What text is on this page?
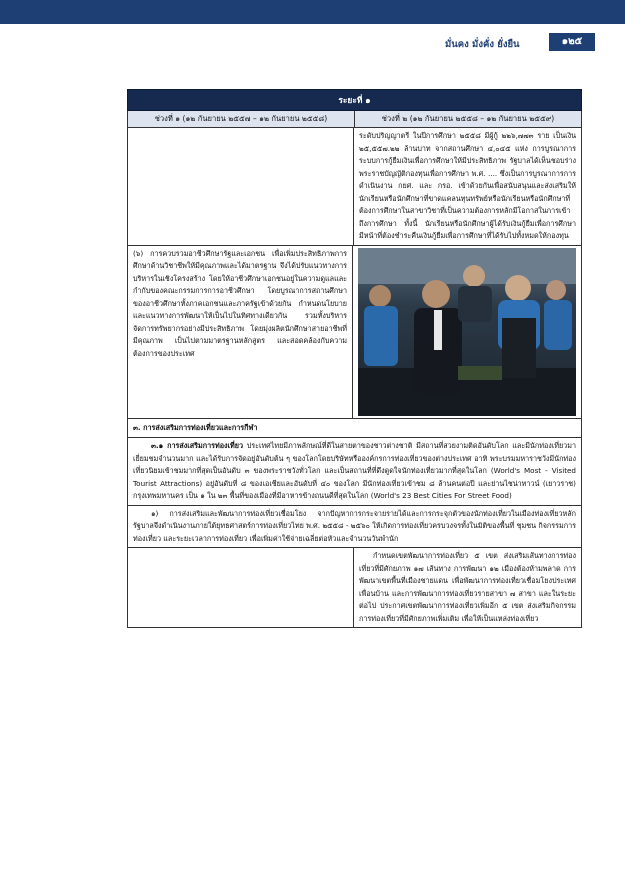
มั่นคง มั่งคั่ง ยั่งยืน	๑๒๕
ระยะที่ ๑
ช่วงที่ ๑ (๑๒ กันยายน ๒๕๕๗ – ๑๒ กันยายน ๒๕๕๘)	ช่วงที่ ๒ (๑๒ กันยายน ๒๕๕๘ – ๑๒ กันยายน ๒๕๕๙)
ระดับปริญญาตรี ในปีการศึกษา ๒๕๕๘ มีผู้กู้ ๒๒๖,๗๗๓ ราย เป็นเงิน ๒๕,๕๕๗.๒๒ ล้านบาท จากสถานศึกษา ๔,๐๔๕ แห่ง การบูรณาการระบบการกู้ยืมเงินเพื่อการศึกษาให้มีประสิทธิภาพ รัฐบาลได้เห็นชอบร่าง พระราชบัญญัติกองทุนเพื่อการศึกษา พ.ศ. .... ซึ่งเป็นการบูรณาการการดำเนินงาน กยศ. และ กรอ. เข้าด้วยกันเพื่อสนับสนุนและส่งเสริมให้นักเรียนหรือนักศึกษาที่ขาดแคลนทุนทรัพย์หรือนักเรียนหรือนักศึกษาที่ต้องการศึกษาในสาขาวิชาที่เป็นความต้องการหลักมีโอกาสในการเข้าถึงการศึกษา ทั้งนี้ นักเรียนหรือนักศึกษาผู้ได้รับเงินกู้ยืมเพื่อการศึกษามีหน้าที่ต้องชำระคืนเงินกู้ยืมเพื่อการศึกษาที่ได้รับไปทั้งหมดให้กองทุน
(๖) การควบรวมอาชีวศึกษารัฐและเอกชน เพื่อเพิ่มประสิทธิภาพการศึกษาด้านวิชาชีพให้มีคุณภาพและได้มาตรฐาน จึงได้ปรับแนวทางการบริหารในเชิงโครงสร้าง โดยให้อาชีวศึกษาเอกชนอยู่ในความดูแลและกำกับของคณะกรรมการการอาชีวศึกษา โดยบูรณาการสถานศึกษาของอาชีวศึกษาทั้งภาคเอกชนและภาครัฐเข้าด้วยกัน กำหนดนโยบายและแนวทางการพัฒนาให้เป็นไปในทิศทางเดียวกัน รวมทั้งบริหารจัดการทรัพยากรอย่างมีประสิทธิภาพ โดยมุ่งผลิตนักศึกษาสายอาชีพที่มีคุณภาพ เป็นไปตามมาตรฐานหลักสูตร และสอดคล้องกับความต้องการของประเทศ
๓. การส่งเสริมการท่องเที่ยวและการกีฬา
๓.๑ การส่งเสริมการท่องเที่ยว ประเทศไทยมีภาพลักษณ์ที่ดีในสายตาของชาวต่างชาติ มีสถานที่สวยงามติดอันดับโลก และมีนักท่องเที่ยวมาเยี่ยมชมจำนวนมาก และได้รับการจัดอยู่อันดับต้น ๆ ของโลกโดยบริษัทหรือองค์กรการท่องเที่ยวของต่างประเทศ อาทิ พระบรมมหาราชวังมีนักท่องเที่ยวนิยมเข้าชมมากที่สุดเป็นอันดับ ๓ ของพระราชวังทั่วโลก และเป็นสถานที่ที่ดึงดูดใจนักท่องเที่ยวมากที่สุดในโลก (World's Most - Visited Tourist Attractions) อยู่อันดับที่ ๘ ของเอเชียและอันดับที่ ๔๐ ของโลก มีนักท่องเที่ยวเข้าชม ๘ ล้านคนต่อปี และย่านไชน่าทาวน์ (เยาวราช) กรุงเทพมหานคร เป็น ๑ ใน ๒๓ พื้นที่ของเมืองที่มีอาหารข้างถนนดีที่สุดในโลก (World's 23 Best Cities For Street Food)
๑) การส่งเสริมและพัฒนาการท่องเที่ยวเชื่อมโยง จากปัญหาการกระจายรายได้และการกระจุกตัวของนักท่องเที่ยวในเมืองท่องเที่ยวหลัก รัฐบาลจึงดำเนินงานภายใต้ยุทธศาสตร์การท่องเที่ยวไทย พ.ศ. ๒๕๕๘ - ๒๕๖๐ ให้เกิดการท่องเที่ยวครบวงจรทั้งในมิติของพื้นที่ ชุมชน กิจกรรมการท่องเที่ยว และระยะเวลาการท่องเที่ยว เพื่อเพิ่มค่าใช้จ่ายเฉลี่ยต่อหัวและจำนวนวันพำนัก
กำหนดเขตพัฒนาการท่องเที่ยว ๕ เขต ส่งเสริมเส้นทางการท่องเที่ยวที่มีศักยภาพ ๑๗ เส้นทาง การพัฒนา ๑๒ เมืองต้องห้ามพลาด การพัฒนาเขตพื้นที่เมืองชายแดน เพื่อพัฒนาการท่องเที่ยวเชื่อมโยงประเทศเพื่อนบ้าน และการพัฒนาการท่องเที่ยวรายสาขา ๗ สาขา และในระยะต่อไป ประกาศเขตพัฒนาการท่องเที่ยวเพิ่มอีก ๕ เขต ส่งเสริมกิจกรรมการท่องเที่ยวที่มีศักยภาพเพิ่มเติม เพื่อให้เป็นแหล่งท่องเที่ยว
